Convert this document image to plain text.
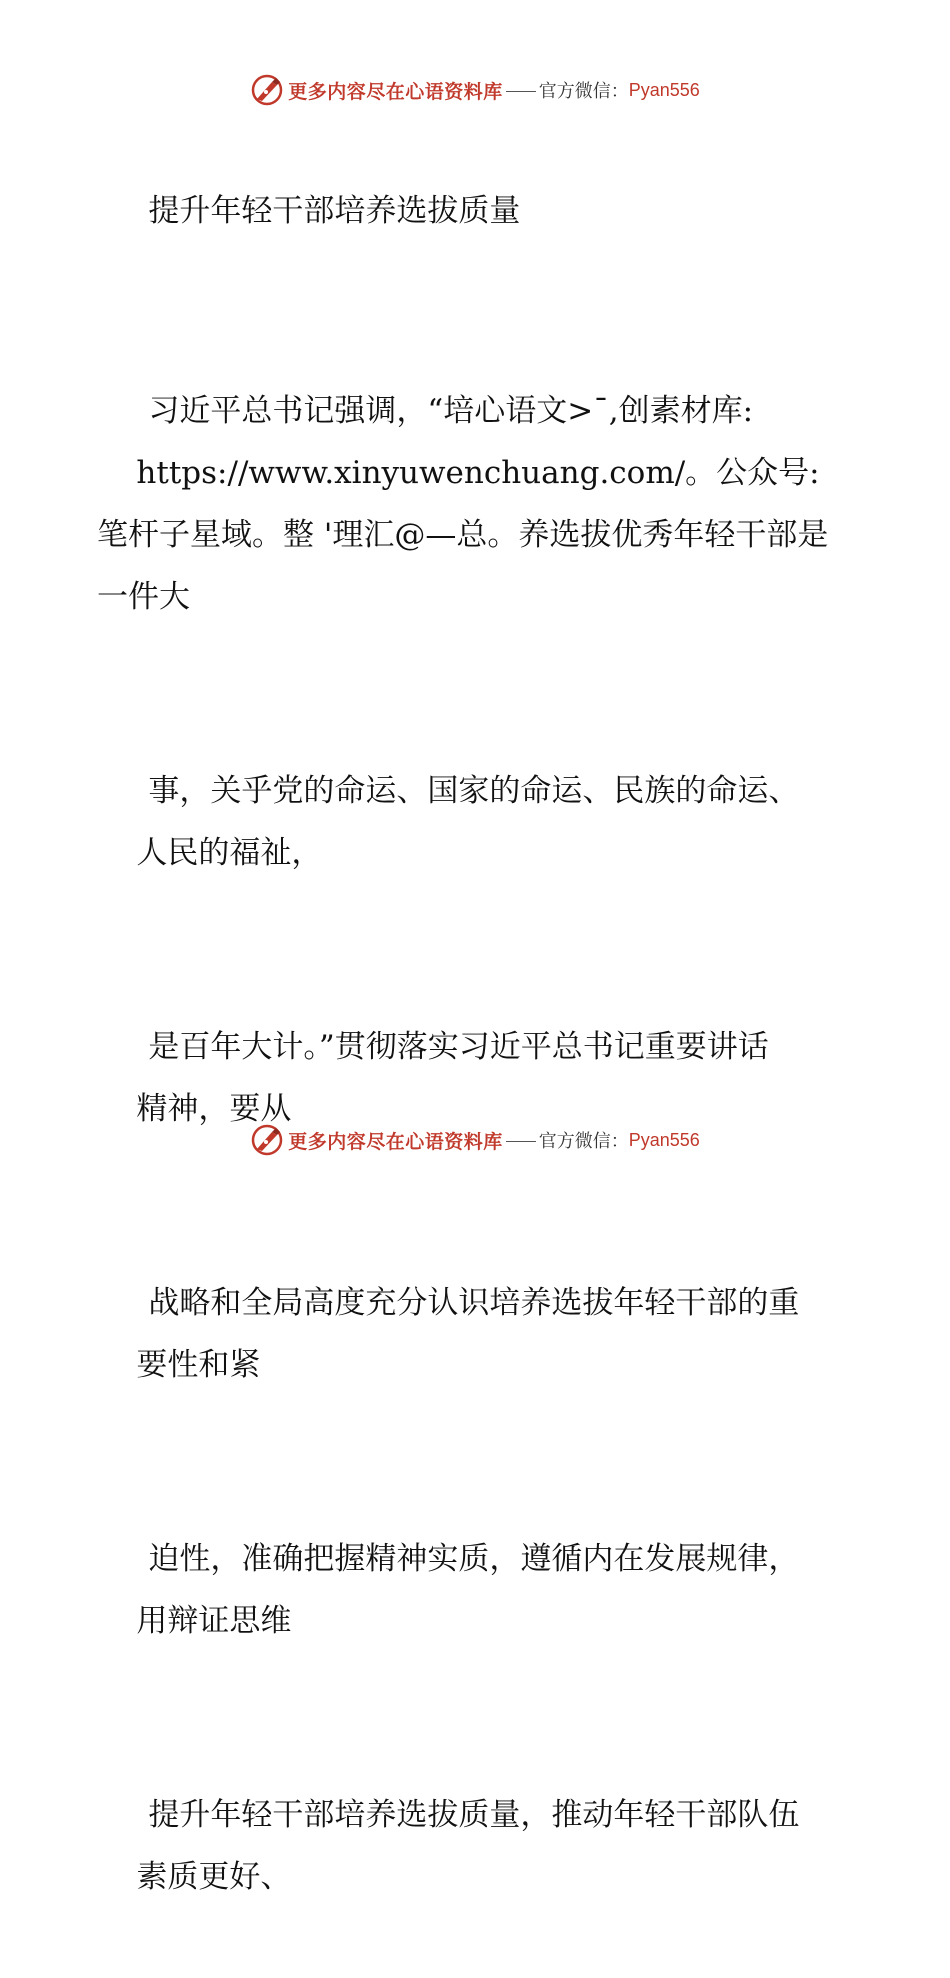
更多内容尽在心语资料库 官方微信： Pyan556

提升年轻干部培养选拔质量

习近平总书记强调，“培心语文>¯,创素材库:
https://www.xinyuwenchuang.com/。公众号: 笔杆子星域。整 '理汇@—总。养选拔优秀年轻干部是一件大

事，关乎党的命运、国家的命运、民族的命运、
人民的福祉，

是百年大计。”贯彻落实习近平总书记重要讲话
精神，要从

战略和全局高度充分认识培养选拔年轻干部的重
要性和紧

迫性，准确把握精神实质，遵循内在发展规律，
用辩证思维

提升年轻干部培养选拔质量，推动年轻干部队伍
素质更好、

更多内容尽在心语资料库 官方微信： Pyan556
